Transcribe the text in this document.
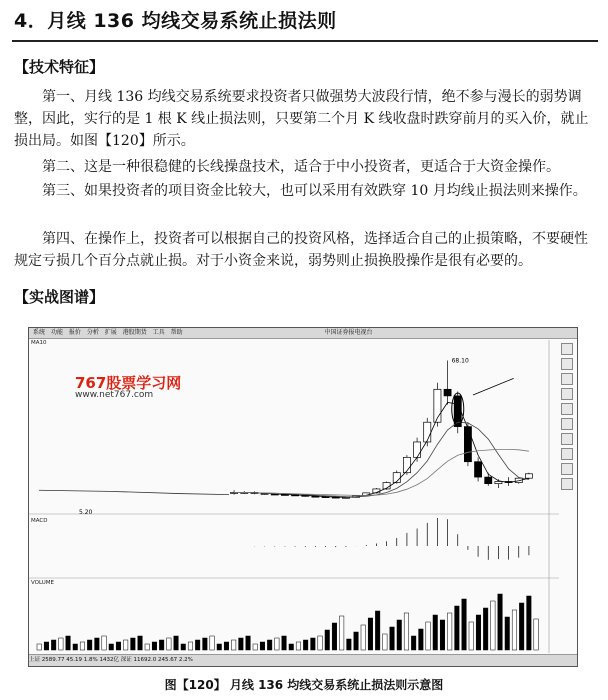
4．月线 136 均线交易系统止损法则
【技术特征】
第一、月线 136 均线交易系统要求投资者只做强势大波段行情，绝不参与漫长的弱势调整，因此，实行的是 1 根 K 线止损法则，只要第二个月 K 线收盘时跌穿前月的买入价，就止损出局。如图【120】所示。
第二、这是一种很稳健的长线操盘技术，适合于中小投资者，更适合于大资金操作。
第三、如果投资者的项目资金比较大，也可以采用有效跌穿 10 月均线止损法则来操作。
第四、在操作上，投资者可以根据自己的投资风格，选择适合自己的止损策略，不要硬性规定亏损几个百分点就止损。对于小资金来说，弱势则止损换股操作是很有必要的。
【实战图谱】
系统 功能 报价 分析 扩展 港股期货 工具 帮助	中国证券报电视台
767股票学习网
www.net767.com
MA10
MACD
VOLUME
68.10
5.20
上证 2589.77 45.19 1.8% 1432亿 深证 11692.0 245.67 2.2%
图【120】 月线 136 均线交易系统止损法则示意图
